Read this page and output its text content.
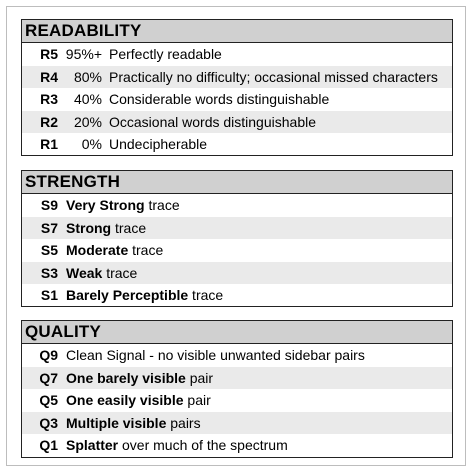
READABILITY
R5 95%+ Perfectly readable
R4	80% Practically no difficulty; occasional missed characters
R3	40% Considerable words distinguishable
R2	20% Occasional words distinguishable
R1	0% Undecipherable
STRENGTH
S9 Very Strong trace
S7 Strong trace
S5 Moderate trace
S3 Weak trace
S1 Barely Perceptible trace
QUALITY
Q9 Clean Signal - no visible unwanted sidebar pairs
Q7 One barely visible pair
Q5 One easily visible pair
Q3 Multiple visible pairs
Q1 Splatter over much of the spectrum
